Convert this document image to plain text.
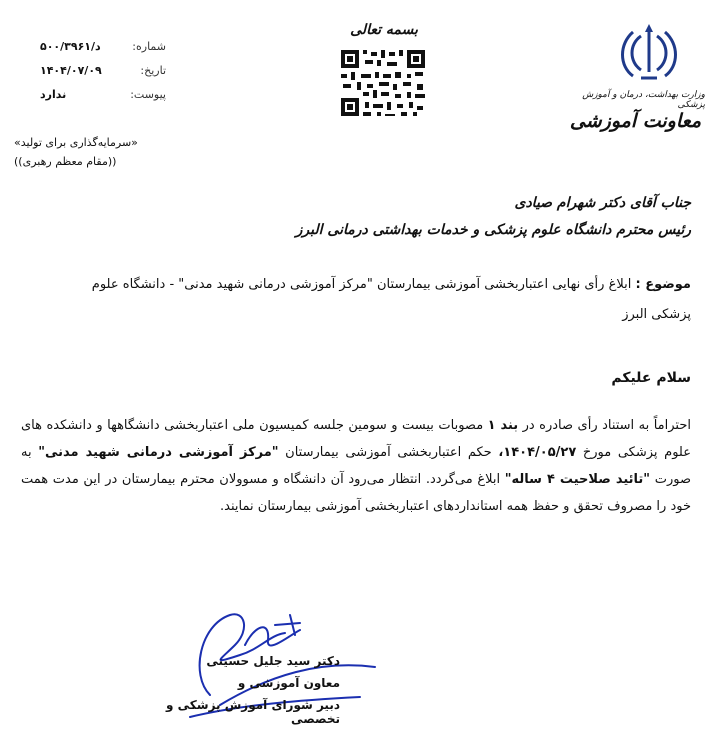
وزارت بهداشت، درمان و آموزش پزشکی
معاونت آموزشی
بسمه تعالی
شماره:
د/۵۰۰/۳۹۶۱
تاریخ:
۱۴۰۴/۰۷/۰۹
پیوست:
ندارد
«سرمایه‌گذاری برای تولید»
((مقام معظم رهبری))
جناب آقای دکتر شهرام صیادی
رئیس محترم دانشگاه علوم پزشکی و خدمات بهداشتی درمانی البرز
موضوع : ابلاغ رأی نهایی اعتباربخشی آموزشی بیمارستان "مرکز آموزشی درمانی شهید مدنی" - دانشگاه علوم پزشکی البرز
سلام علیکم
احتراماً به استناد رأی صادره در بند ۱ مصوبات بیست و سومین جلسه کمیسیون ملی اعتباربخشی دانشگاهها و دانشکده های علوم پزشکی مورخ ۱۴۰۴/۰۵/۲۷، حکم اعتباربخشی آموزشی بیمارستان "مرکز آموزشی درمانی شهید مدنی" به صورت "تائید صلاحیت ۴ ساله" ابلاغ می‌گردد. انتظار می‌رود آن دانشگاه و مسوولان محترم بیمارستان در این مدت همت خود را مصروف تحقق و حفظ همه استانداردهای اعتباربخشی آموزشی بیمارستان نمایند.
دکتر سید جلیل حسینی
معاون آموزشی و
دبیر شورای آموزش پزشکی و تخصصی
